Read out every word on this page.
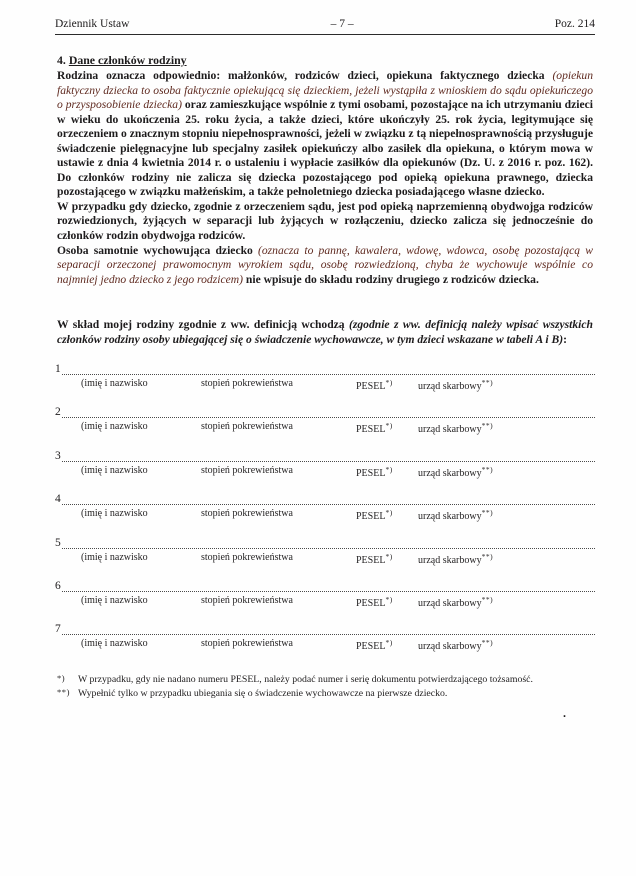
Dziennik Ustaw	– 7 –	Poz. 214

4. Dane członków rodziny

Rodzina oznacza odpowiednio: małżonków, rodziców dzieci, opiekuna faktycznego dziecka (opiekun faktyczny dziecka to osoba faktycznie opiekującą się dzieckiem, jeżeli wystąpiła z wnioskiem do sądu opiekuńczego o przysposobienie dziecka) oraz zamieszkujące wspólnie z tymi osobami, pozostające na ich utrzymaniu dzieci w wieku do ukończenia 25. roku życia, a także dzieci, które ukończyły 25. rok życia, legitymujące się orzeczeniem o znacznym stopniu niepełnosprawności, jeżeli w związku z tą niepełnosprawnością przysługuje świadczenie pielęgnacyjne lub specjalny zasiłek opiekuńczy albo zasiłek dla opiekuna, o którym mowa w ustawie z dnia 4 kwietnia 2014 r. o ustaleniu i wypłacie zasiłków dla opiekunów (Dz. U. z 2016 r. poz. 162). Do członków rodziny nie zalicza się dziecka pozostającego pod opieką opiekuna prawnego, dziecka pozostającego w związku małżeńskim, a także pełnoletniego dziecka posiadającego własne dziecko.

W przypadku gdy dziecko, zgodnie z orzeczeniem sądu, jest pod opieką naprzemienną obydwojga rodziców rozwiedzionych, żyjących w separacji lub żyjących w rozłączeniu, dziecko zalicza się jednocześnie do członków rodzin obydwojga rodziców.

Osoba samotnie wychowująca dziecko (oznacza to pannę, kawalera, wdowę, wdowca, osobę pozostającą w separacji orzeczonej prawomocnym wyrokiem sądu, osobę rozwiedzioną, chyba że wychowuje wspólnie co najmniej jedno dziecko z jego rodzicem) nie wpisuje do składu rodziny drugiego z rodziców dziecka.

W skład mojej rodziny zgodnie z ww. definicją wchodzą (zgodnie z ww. definicją należy wpisać wszystkich członków rodziny osoby ubiegającej się o świadczenie wychowawcze, w tym dzieci wskazane w tabeli A i B):

1
(imię i nazwisko	stopień pokrewieństwa	PESEL*)	urząd skarbowy**)
2
(imię i nazwisko	stopień pokrewieństwa	PESEL*)	urząd skarbowy**)
3
(imię i nazwisko	stopień pokrewieństwa	PESEL*)	urząd skarbowy**)
4
(imię i nazwisko	stopień pokrewieństwa	PESEL*)	urząd skarbowy**)
5
(imię i nazwisko	stopień pokrewieństwa	PESEL*)	urząd skarbowy**)
6
(imię i nazwisko	stopień pokrewieństwa	PESEL*)	urząd skarbowy**)
7
(imię i nazwisko	stopień pokrewieństwa	PESEL*)	urząd skarbowy**)
*) W przypadku, gdy nie nadano numeru PESEL, należy podać numer i serię dokumentu potwierdzającego tożsamość.
**) Wypełnić tylko w przypadku ubiegania się o świadczenie wychowawcze na pierwsze dziecko.
.
